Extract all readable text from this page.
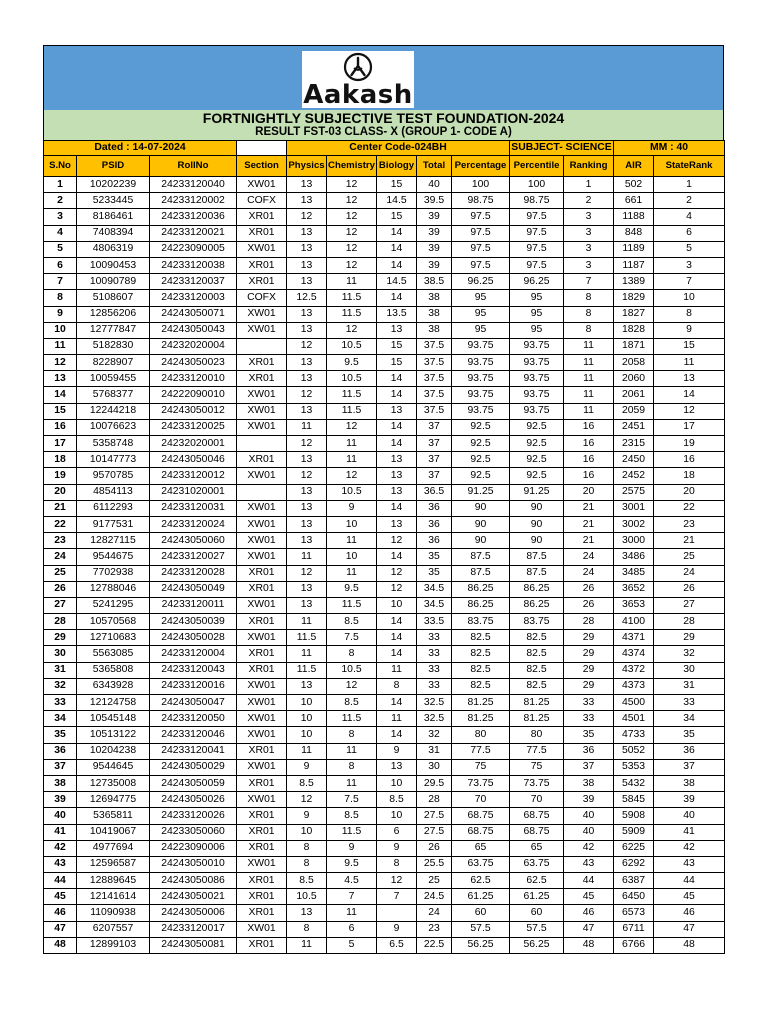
Aakash
FORTNIGHTLY SUBJECTIVE TEST FOUNDATION-2024
RESULT FST-03 CLASS- X (GROUP 1- CODE A)
Dated : 14-07-2024				Center Code-024BH					SUBJECT- SCIENCE		MM : 40	
S.No	PSID	RollNo	Section	Physics	Chemistry	Biology	Total	Percentage	Percentile	Ranking	AIR	StateRank
1	10202239	24233120040	XW01	13	12	15	40	100	100	1	502	1
2	5233445	24233120002	COFX	13	12	14.5	39.5	98.75	98.75	2	661	2
3	8186461	24233120036	XR01	12	12	15	39	97.5	97.5	3	1188	4
4	7408394	24233120021	XR01	13	12	14	39	97.5	97.5	3	848	6
5	4806319	24223090005	XW01	13	12	14	39	97.5	97.5	3	1189	5
6	10090453	24233120038	XR01	13	12	14	39	97.5	97.5	3	1187	3
7	10090789	24233120037	XR01	13	11	14.5	38.5	96.25	96.25	7	1389	7
8	5108607	24233120003	COFX	12.5	11.5	14	38	95	95	8	1829	10
9	12856206	24243050071	XW01	13	11.5	13.5	38	95	95	8	1827	8
10	12777847	24243050043	XW01	13	12	13	38	95	95	8	1828	9
11	5182830	24232020004		12	10.5	15	37.5	93.75	93.75	11	1871	15
12	8228907	24243050023	XR01	13	9.5	15	37.5	93.75	93.75	11	2058	11
13	10059455	24233120010	XR01	13	10.5	14	37.5	93.75	93.75	11	2060	13
14	5768377	24222090010	XW01	12	11.5	14	37.5	93.75	93.75	11	2061	14
15	12244218	24243050012	XW01	13	11.5	13	37.5	93.75	93.75	11	2059	12
16	10076623	24233120025	XW01	11	12	14	37	92.5	92.5	16	2451	17
17	5358748	24232020001		12	11	14	37	92.5	92.5	16	2315	19
18	10147773	24243050046	XR01	13	11	13	37	92.5	92.5	16	2450	16
19	9570785	24233120012	XW01	12	12	13	37	92.5	92.5	16	2452	18
20	4854113	24231020001		13	10.5	13	36.5	91.25	91.25	20	2575	20
21	6112293	24233120031	XW01	13	9	14	36	90	90	21	3001	22
22	9177531	24233120024	XW01	13	10	13	36	90	90	21	3002	23
23	12827115	24243050060	XW01	13	11	12	36	90	90	21	3000	21
24	9544675	24233120027	XW01	11	10	14	35	87.5	87.5	24	3486	25
25	7702938	24233120028	XR01	12	11	12	35	87.5	87.5	24	3485	24
26	12788046	24243050049	XR01	13	9.5	12	34.5	86.25	86.25	26	3652	26
27	5241295	24233120011	XW01	13	11.5	10	34.5	86.25	86.25	26	3653	27
28	10570568	24243050039	XR01	11	8.5	14	33.5	83.75	83.75	28	4100	28
29	12710683	24243050028	XW01	11.5	7.5	14	33	82.5	82.5	29	4371	29
30	5563085	24233120004	XR01	11	8	14	33	82.5	82.5	29	4374	32
31	5365808	24233120043	XR01	11.5	10.5	11	33	82.5	82.5	29	4372	30
32	6343928	24233120016	XW01	13	12	8	33	82.5	82.5	29	4373	31
33	12124758	24243050047	XW01	10	8.5	14	32.5	81.25	81.25	33	4500	33
34	10545148	24233120050	XW01	10	11.5	11	32.5	81.25	81.25	33	4501	34
35	10513122	24233120046	XW01	10	8	14	32	80	80	35	4733	35
36	10204238	24233120041	XR01	11	11	9	31	77.5	77.5	36	5052	36
37	9544645	24243050029	XW01	9	8	13	30	75	75	37	5353	37
38	12735008	24243050059	XR01	8.5	11	10	29.5	73.75	73.75	38	5432	38
39	12694775	24243050026	XW01	12	7.5	8.5	28	70	70	39	5845	39
40	5365811	24233120026	XR01	9	8.5	10	27.5	68.75	68.75	40	5908	40
41	10419067	24233050060	XR01	10	11.5	6	27.5	68.75	68.75	40	5909	41
42	4977694	24223090006	XR01	8	9	9	26	65	65	42	6225	42
43	12596587	24243050010	XW01	8	9.5	8	25.5	63.75	63.75	43	6292	43
44	12889645	24243050086	XR01	8.5	4.5	12	25	62.5	62.5	44	6387	44
45	12141614	24243050021	XR01	10.5	7	7	24.5	61.25	61.25	45	6450	45
46	11090938	24243050006	XR01	13	11		24	60	60	46	6573	46
47	6207557	24233120017	XW01	8	6	9	23	57.5	57.5	47	6711	47
48	12899103	24243050081	XR01	11	5	6.5	22.5	56.25	56.25	48	6766	48
